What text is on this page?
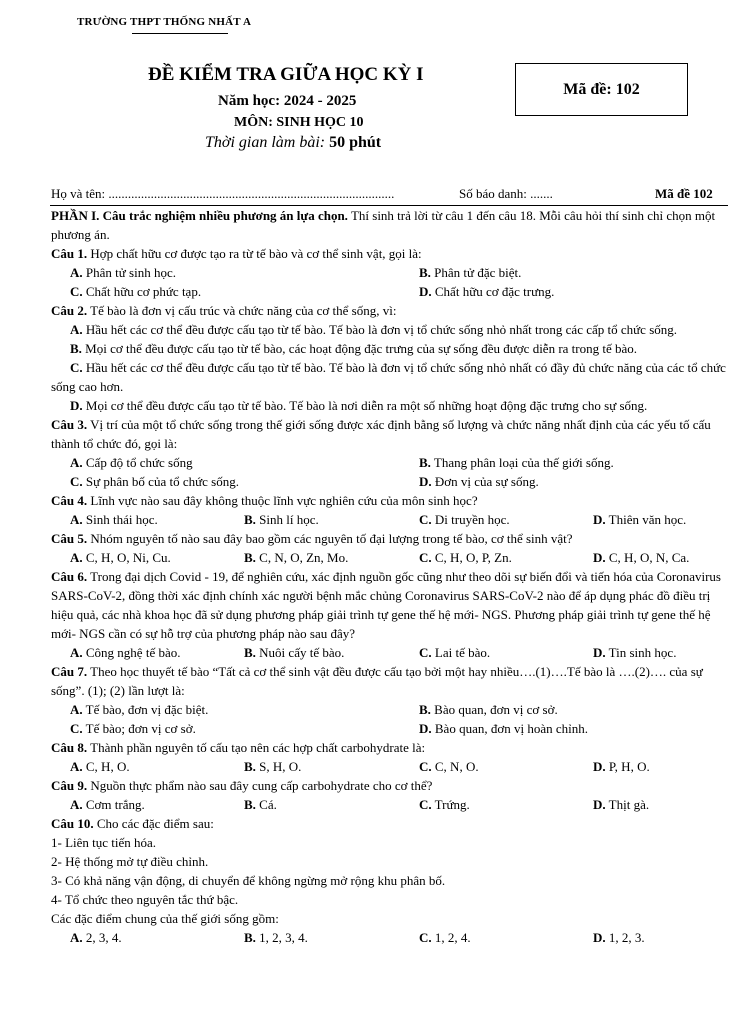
TRƯỜNG THPT THỐNG NHẤT A
ĐỀ KIỂM TRA GIỮA HỌC KỲ I
Năm học: 2024 - 2025
MÔN: SINH HỌC 10
Thời gian làm bài: 50 phút
Mã đề: 102
Họ và tên: ........................................................................................	Số báo danh: .......	Mã đề 102

PHẦN I. Câu trắc nghiệm nhiều phương án lựa chọn. Thí sinh trả lời từ câu 1 đến câu 18. Mỗi câu hỏi thí sinh chỉ chọn một phương án.

Câu 1. Hợp chất hữu cơ được tạo ra từ tế bào và cơ thể sinh vật, gọi là:

A. Phân tử sinh học.	B. Phân tử đặc biệt.
C. Chất hữu cơ phức tạp.	D. Chất hữu cơ đặc trưng.

Câu 2. Tế bào là đơn vị cấu trúc và chức năng của cơ thể sống, vì:

A. Hầu hết các cơ thể đều được cấu tạo từ tế bào. Tế bào là đơn vị tổ chức sống nhỏ nhất trong các cấp tổ chức sống.

B. Mọi cơ thể đều được cấu tạo từ tế bào, các hoạt động đặc trưng của sự sống đều được diễn ra trong tế bào.

C. Hầu hết các cơ thể đều được cấu tạo từ tế bào. Tế bào là đơn vị tổ chức sống nhỏ nhất có đầy đủ chức năng của các tổ chức sống cao hơn.

D. Mọi cơ thể đều được cấu tạo từ tế bào. Tế bào là nơi diễn ra một số những hoạt động đặc trưng cho sự sống.

Câu 3. Vị trí của một tổ chức sống trong thế giới sống được xác định bằng số lượng và chức năng nhất định của các yếu tố cấu thành tổ chức đó, gọi là:

A. Cấp độ tổ chức sống	B. Thang phân loại của thế giới sống.
C. Sự phân bố của tổ chức sống.	D. Đơn vị của sự sống.

Câu 4. Lĩnh vực nào sau đây không thuộc lĩnh vực nghiên cứu của môn sinh học?

A. Sinh thái học.	B. Sinh lí học.	C. Di truyền học.	D. Thiên văn học.

Câu 5. Nhóm nguyên tố nào sau đây bao gồm các nguyên tố đại lượng trong tế bào, cơ thể sinh vật?

A. C, H, O, Ni, Cu.	B. C, N, O, Zn, Mo.	C. C, H, O, P, Zn.	D. C, H, O, N, Ca.

Câu 6. Trong đại dịch Covid - 19, để nghiên cứu, xác định nguồn gốc cũng như theo dõi sự biến đổi và tiến hóa của Coronavirus SARS-CoV-2, đồng thời xác định chính xác người bệnh mắc chủng Coronavirus SARS-CoV-2 nào để áp dụng phác đồ điều trị hiệu quả, các nhà khoa học đã sử dụng phương pháp giải trình tự gene thế hệ mới- NGS. Phương pháp giải trình tự gene thế hệ mới- NGS cần có sự hỗ trợ của phương pháp nào sau đây?

A. Công nghệ tế bào.	B. Nuôi cấy tế bào.	C. Lai tế bào.	D. Tin sinh học.

Câu 7. Theo học thuyết tế bào “Tất cả cơ thể sinh vật đều được cấu tạo bởi một hay nhiều….(1)….Tế bào là ….(2)…. của sự sống”. (1); (2) lần lượt là:

A. Tế bào, đơn vị đặc biệt.	B. Bào quan, đơn vị cơ sở.
C. Tế bào; đơn vị cơ sở.	D. Bào quan, đơn vị hoàn chỉnh.

Câu 8. Thành phần nguyên tố cấu tạo nên các hợp chất carbohydrate là:

A. C, H, O.	B. S, H, O.	C. C, N, O.	D. P, H, O.

Câu 9. Nguồn thực phẩm nào sau đây cung cấp carbohydrate cho cơ thể?

A. Cơm trắng.	B. Cá.	C. Trứng.	D. Thịt gà.

Câu 10. Cho các đặc điểm sau:

1- Liên tục tiến hóa.

2- Hệ thống mở tự điều chỉnh.

3- Có khả năng vận động, di chuyển để không ngừng mở rộng khu phân bố.

4- Tổ chức theo nguyên tắc thứ bậc.

Các đặc điểm chung của thế giới sống gồm:

A. 2, 3, 4.	B. 1, 2, 3, 4.	C. 1, 2, 4.	D. 1, 2, 3.
